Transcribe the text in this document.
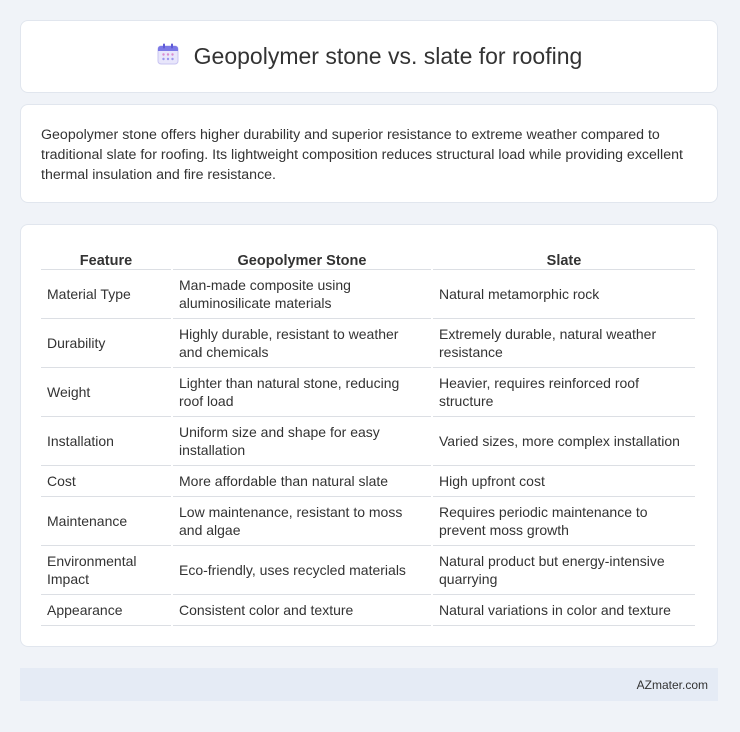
Geopolymer stone vs. slate for roofing

Geopolymer stone offers higher durability and superior resistance to extreme weather compared to traditional slate for roofing. Its lightweight composition reduces structural load while providing excellent thermal insulation and fire resistance.

Feature	Geopolymer Stone	Slate
Material Type	Man-made composite using aluminosilicate materials	Natural metamorphic rock
Durability	Highly durable, resistant to weather and chemicals	Extremely durable, natural weather resistance
Weight	Lighter than natural stone, reducing roof load	Heavier, requires reinforced roof structure
Installation	Uniform size and shape for easy installation	Varied sizes, more complex installation
Cost	More affordable than natural slate	High upfront cost
Maintenance	Low maintenance, resistant to moss and algae	Requires periodic maintenance to prevent moss growth
Environmental Impact	Eco-friendly, uses recycled materials	Natural product but energy-intensive quarrying
Appearance	Consistent color and texture	Natural variations in color and texture
AZmater.com
